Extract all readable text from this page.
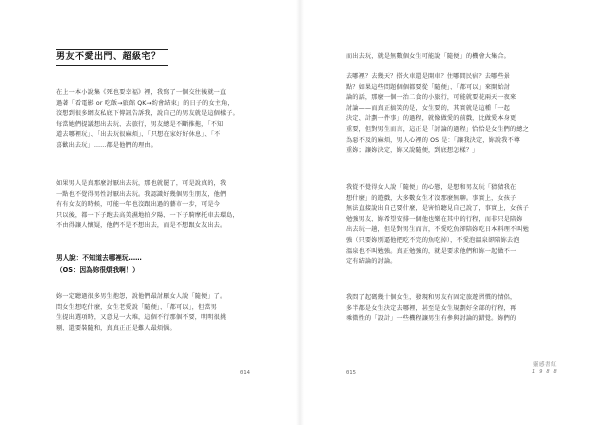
男友不愛出門、超級宅？
在上一本小說集《死也要幸福》裡，我寫了一個交往後就一直
過著「看電影 or 吃飯→旅館 QK→約會結束」的日子的女主角，
沒想到很多網友私底下傳訊告訴我，說自己的男友就是這個樣子。
每當她們提議想出去玩、去旅行，男友總是不斷推拖，「不知
道去哪裡玩」、「出去玩很麻煩」、「只想在家好好休息」、「不
喜歡出去玩」……都是他們的理由。
如果男人是真那麼討厭出去玩，那也就罷了，可是說真的，我
一點也不覺得男性討厭出去玩。我認識好幾個男生朋友，他們
有有女友的時候，可能一年也沒跟出過的藝市一步，可是今
只以後，都一下子跑去高美濕地拍夕陽、一下子騎摩托車去環島，
不由得讓人懷疑，他們不是不想出去，而是不想跟女友出去。
男人說：不知道去哪裡玩……
（OS：因為妳很煩我啊！）
妳一定聽過很多男生抱怨，說他們最討厭女人說「隨便」了。
問女生想吃什麼，女生老愛說「隨便」、「都可以」，但當男
生提出選項時，又意見一大堆，這個不行那個不要，明明很挑
剔、還要裝隨和，真真正正是難人最煩惱。
014
而出去玩，就是無數個女生可能說「隨便」的機會大集合。
去哪裡？去幾天？搭火車還是開車？住哪間民宿？去哪些景
點？如果這些問題個個都要從「隨便」、「都可以」來開始討
論的話，那麼一個一治二食的小旅行，可能就要花兩天一夜來
討論——而真正搞笑的是，女生要的，其實就是這種「一起
決定、計劃一件事」的過程，就像做愛的前戲，比做愛本身更
重要，但對男生而言，這正是「討論的過程」恰恰是女生們的總之
為惡不及的麻煩，男人心裡的 OS 是：「讓我決定，妳說我不尊
重妳；讓妳決定，妳又說隨便，到底想怎樣？」
我從不覺得女人說「隨便」的心態，是想和男友玩「猜猜我在
想什麼」的遊戲，大多數女生才沒那麼無聊。事實上，女孩子
無法直接說出自己要什麼，是害怕聽見自己說了，事實上，女孩子
勉強男友、妳希望安排一個他也樂在其中的行程，而非只是陪妳
出去玩一趟，但是對男生而言，不愛吃魚卻陪妳吃日本料理不叫勉
強（只要妳別逼他把吃不完的魚吃掉），不愛泡溫泉卻陪妳去泡
溫泉也不叫勉強。真正勉強的，就是要求他們和妳一起做不一
定有結論的討論。
我問了起碼幾十個女生，發現和男友有固定旅遊習慣的情侶，
多半都是女生決定去哪裡，甚至是女生規劃好全部的行程，再
乘微性的「設計」一些機程讓男生有參與討論的錯覺。妳們的
015
靈感書紅
1 9 8 8
